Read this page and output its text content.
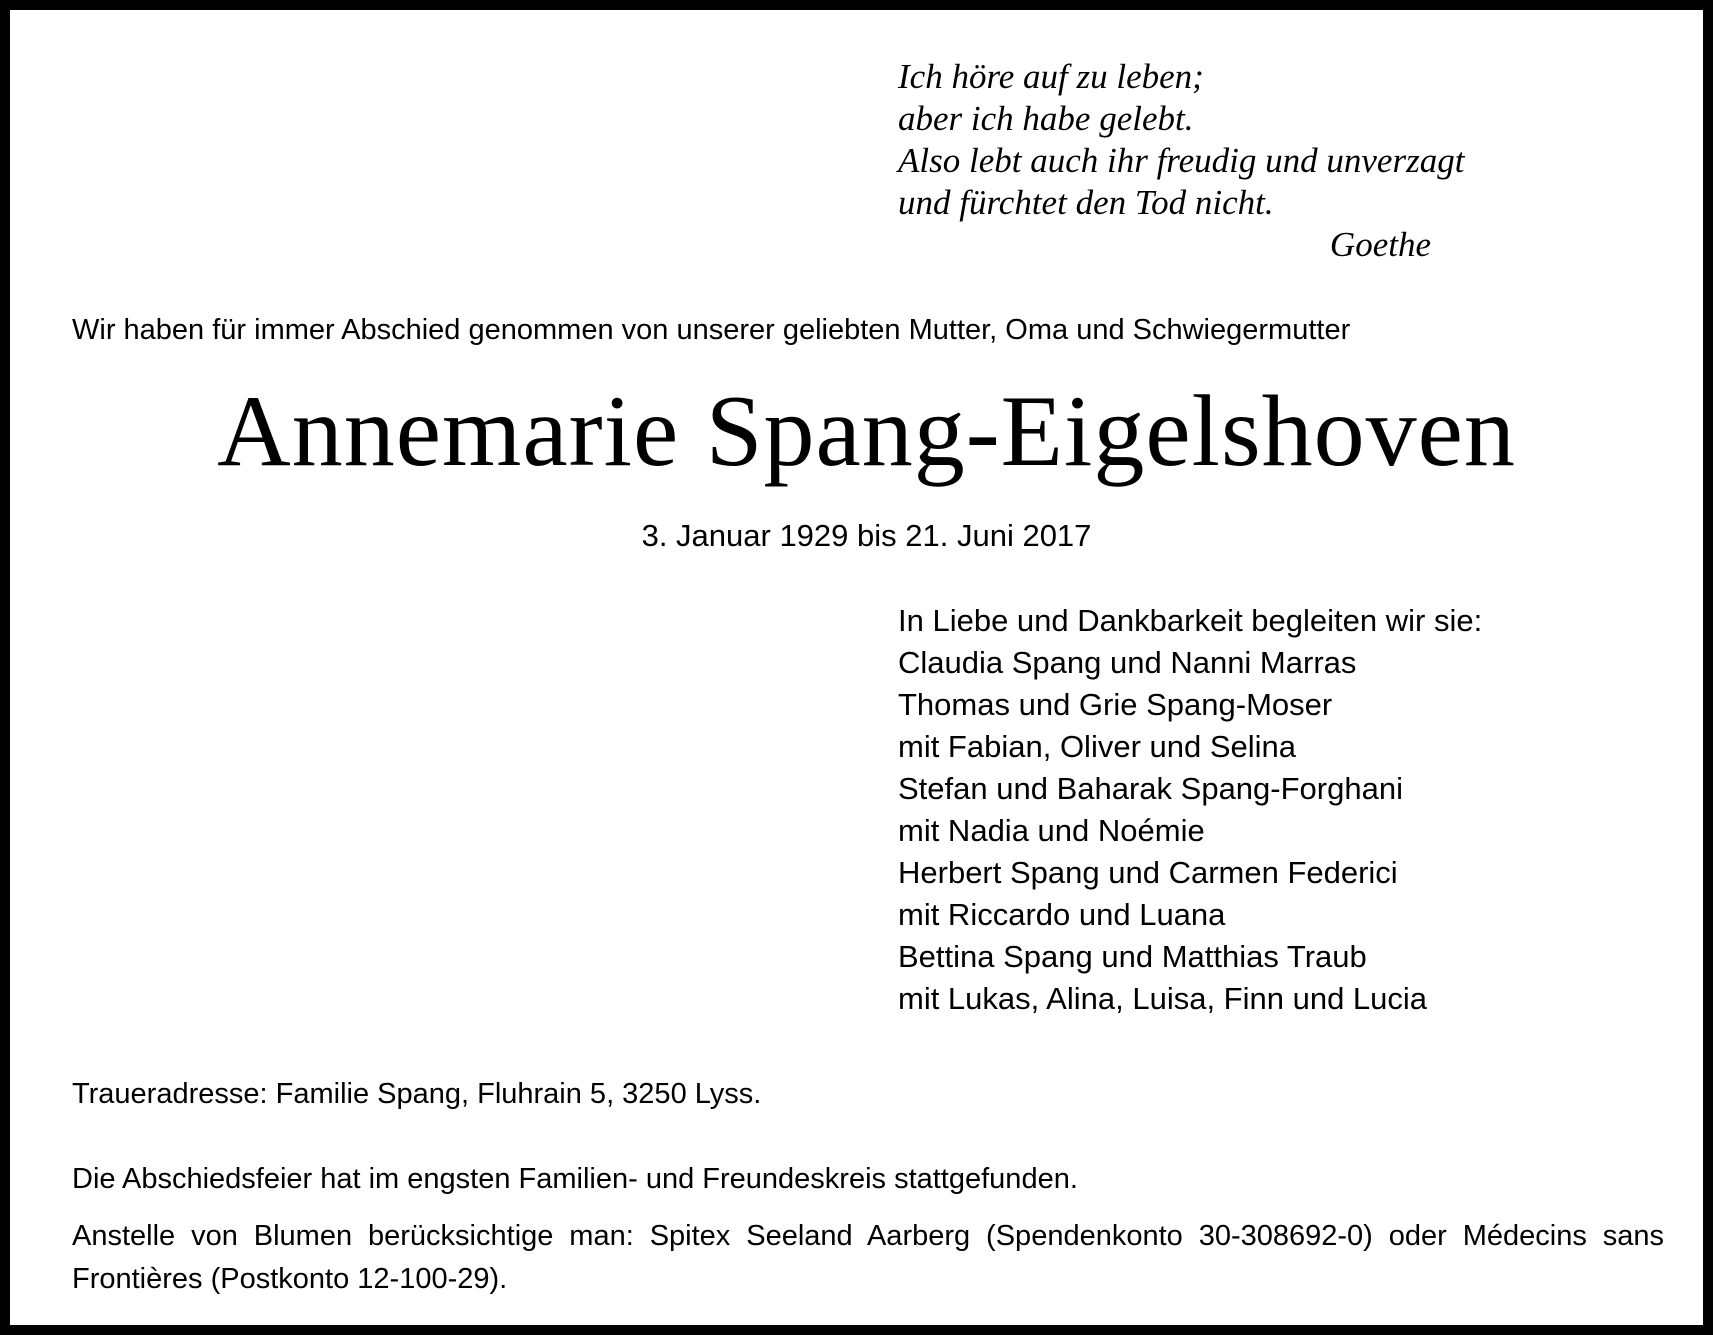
Ich höre auf zu leben;
aber ich habe gelebt.
Also lebt auch ihr freudig und unverzagt
und fürchtet den Tod nicht.
Goethe
Wir haben für immer Abschied genommen von unserer geliebten Mutter, Oma und Schwiegermutter
Annemarie Spang-Eigelshoven
3. Januar 1929 bis 21. Juni 2017
In Liebe und Dankbarkeit begleiten wir sie:
Claudia Spang und Nanni Marras
Thomas und Grie Spang-Moser
mit Fabian, Oliver und Selina
Stefan und Baharak Spang-Forghani
mit Nadia und Noémie
Herbert Spang und Carmen Federici
mit Riccardo und Luana
Bettina Spang und Matthias Traub
mit Lukas, Alina, Luisa, Finn und Lucia
Traueradresse: Familie Spang, Fluhrain 5, 3250 Lyss.
Die Abschiedsfeier hat im engsten Familien- und Freundeskreis stattgefunden.
Anstelle von Blumen berücksichtige man: Spitex Seeland Aarberg (Spendenkonto 30-308692-0) oder Médecins sans Frontières (Postkonto 12-100-29).
